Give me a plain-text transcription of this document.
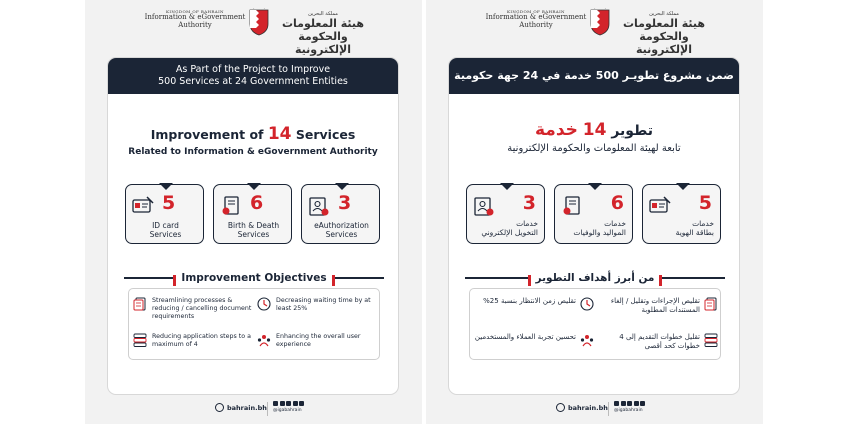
KINGDOM OF BAHRAIN
Information & eGovernment
Authority
مملكة البحرين
هيئة المعلومات والحكومة الإلكترونية
As Part of the Project to Improve
500 Services at 24 Government Entities
Improvement of 14 Services
Related to Information & eGovernment Authority
5
ID card
Services
6
Birth & Death
Services
3
eAuthorization
Services
Improvement Objectives
Streamlining processes & reducing / cancelling document requirements
Decreasing waiting time by at least 25%
Reducing application steps to a maximum of 4
Enhancing the overall user experience
bahrain.bh @igabahrain
KINGDOM OF BAHRAIN
Information & eGovernment
Authority
مملكة البحرين
هيئة المعلومات والحكومة الإلكترونية
ضمن مشروع تطويـر 500 خدمة في 24 جهة حكومية
تطوير 14 خدمة
تابعة لهيئة المعلومات والحكومة الإلكترونية
3
خدمات
التخويل الإلكتروني
6
خدمات
المواليد والوفيات
5
خدمات
بطاقة الهوية
من أبرز أهداف التطوير
تقليص زمن الانتظار بنسبة 25%	تقليص الإجراءات وتقليل / إلغاء المستندات المطلوبة
تحسين تجربة العملاء والمستخدمين	تقليل خطوات التقديم إلى 4 خطوات كحد أقصى
bahrain.bh @igabahrain
